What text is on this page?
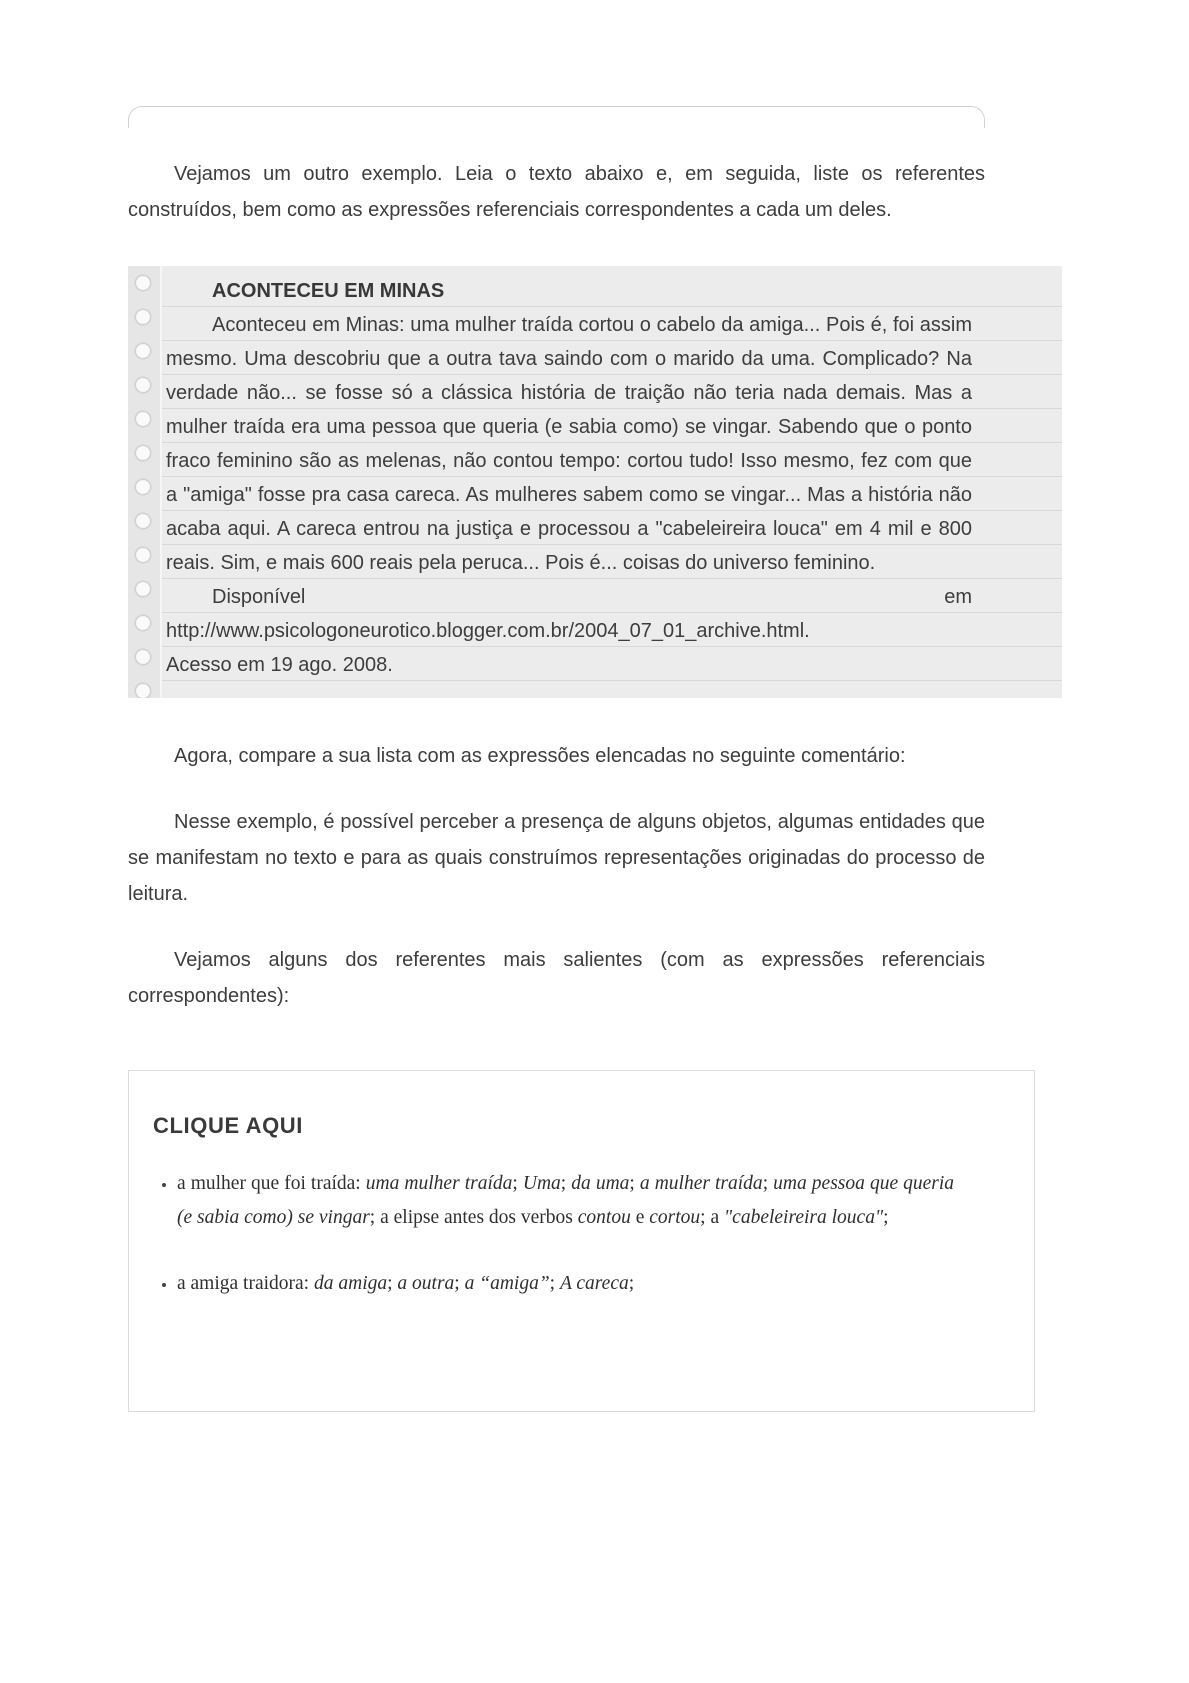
Vejamos um outro exemplo. Leia o texto abaixo e, em seguida, liste os referentes construídos, bem como as expressões referenciais correspondentes a cada um deles.

ACONTECEU EM MINAS

Aconteceu em Minas: uma mulher traída cortou o cabelo da amiga... Pois é, foi assim mesmo. Uma descobriu que a outra tava saindo com o marido da uma. Complicado? Na verdade não... se fosse só a clássica história de traição não teria nada demais. Mas a mulher traída era uma pessoa que queria (e sabia como) se vingar. Sabendo que o ponto fraco feminino são as melenas, não contou tempo: cortou tudo! Isso mesmo, fez com que a "amiga" fosse pra casa careca. As mulheres sabem como se vingar... Mas a história não acaba aqui. A careca entrou na justiça e processou a "cabeleireira louca" em 4 mil e 800 reais. Sim, e mais 600 reais pela peruca... Pois é... coisas do universo feminino.

Disponível	em
http://www.psicologoneurotico.blogger.com.br/2004_07_01_archive.html.
Acesso em 19 ago. 2008.

Agora, compare a sua lista com as expressões elencadas no seguinte comentário:

Nesse exemplo, é possível perceber a presença de alguns objetos, algumas entidades que se manifestam no texto e para as quais construímos representações originadas do processo de leitura.

Vejamos alguns dos referentes mais salientes (com as expressões referenciais correspondentes):

CLIQUE AQUI
• a mulher que foi traída: uma mulher traída; Uma; da uma; a mulher traída; uma pessoa que queria (e sabia como) se vingar; a elipse antes dos verbos contou e cortou; a "cabeleireira louca";
• a amiga traidora: da amiga; a outra; a “amiga”; A careca;
